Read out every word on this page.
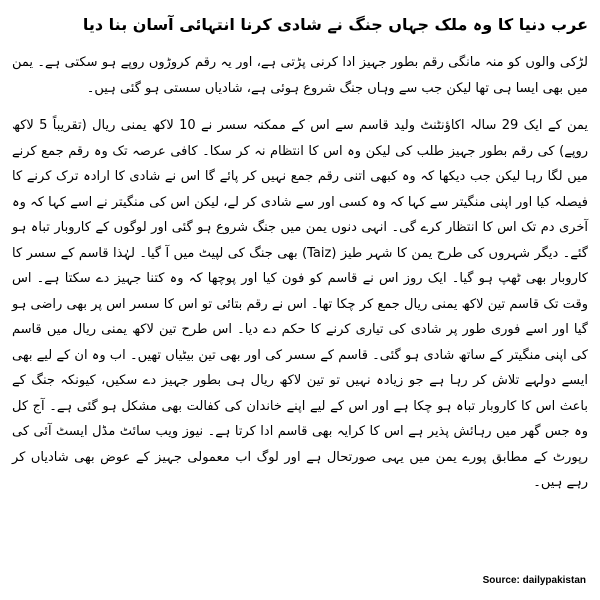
عرب دنیا کا وہ ملک جہاں جنگ نے شادی کرنا انتہائی آسان بنا دیا

لڑکی والوں کو منہ مانگی رقم بطور جہیز ادا کرنی پڑتی ہے، اور یہ رقم کروڑوں روپے ہو سکتی ہے۔ یمن میں بھی ایسا ہی تھا لیکن جب سے وہاں جنگ شروع ہوئی ہے، شادیاں سستی ہو گئی ہیں۔

یمن کے ایک 29 سالہ اکاؤنٹنٹ ولید قاسم سے اس کے ممکنہ سسر نے 10 لاکھ یمنی ریال (تقریباً 5 لاکھ روپے) کی رقم بطور جہیز طلب کی لیکن وہ اس کا انتظام نہ کر سکا۔ کافی عرصہ تک وہ رقم جمع کرنے میں لگا رہا لیکن جب دیکھا کہ وہ کبھی اتنی رقم جمع نہیں کر پائے گا اس نے شادی کا ارادہ ترک کرنے کا فیصلہ کیا اور اپنی منگیتر سے کہا کہ وہ کسی اور سے شادی کر لے، لیکن اس کی منگیتر نے اسے کہا کہ وہ آخری دم تک اس کا انتظار کرے گی۔ انہی دنوں یمن میں جنگ شروع ہو گئی اور لوگوں کے کاروبار تباہ ہو گئے۔ دیگر شہروں کی طرح یمن کا شہر طیز (Taiz) بھی جنگ کی لپیٹ میں آ گیا۔ لہٰذا قاسم کے سسر کا کاروبار بھی ٹھپ ہو گیا۔ ایک روز اس نے قاسم کو فون کیا اور پوچھا کہ وہ کتنا جہیز دے سکتا ہے۔ اس وقت تک قاسم تین لاکھ یمنی ریال جمع کر چکا تھا۔ اس نے رقم بتائی تو اس کا سسر اس پر بھی راضی ہو گیا اور اسے فوری طور پر شادی کی تیاری کرنے کا حکم دے دیا۔ اس طرح تین لاکھ یمنی ریال میں قاسم کی اپنی منگیتر کے ساتھ شادی ہو گئی۔ قاسم کے سسر کی اور بھی تین بیٹیاں تھیں۔ اب وہ ان کے لیے بھی ایسے دولہے تلاش کر رہا ہے جو زیادہ نہیں تو تین لاکھ ریال ہی بطور جہیز دے سکیں، کیونکہ جنگ کے باعث اس کا کاروبار تباہ ہو چکا ہے اور اس کے لیے اپنے خاندان کی کفالت بھی مشکل ہو گئی ہے۔ آج کل وہ جس گھر میں رہائش پذیر ہے اس کا کرایہ بھی قاسم ادا کرتا ہے۔ نیوز ویب سائٹ مڈل ایسٹ آئی کی رپورٹ کے مطابق پورے یمن میں یہی صورتحال ہے اور لوگ اب معمولی جہیز کے عوض بھی شادیاں کر رہے ہیں۔

Source: dailypakistan
